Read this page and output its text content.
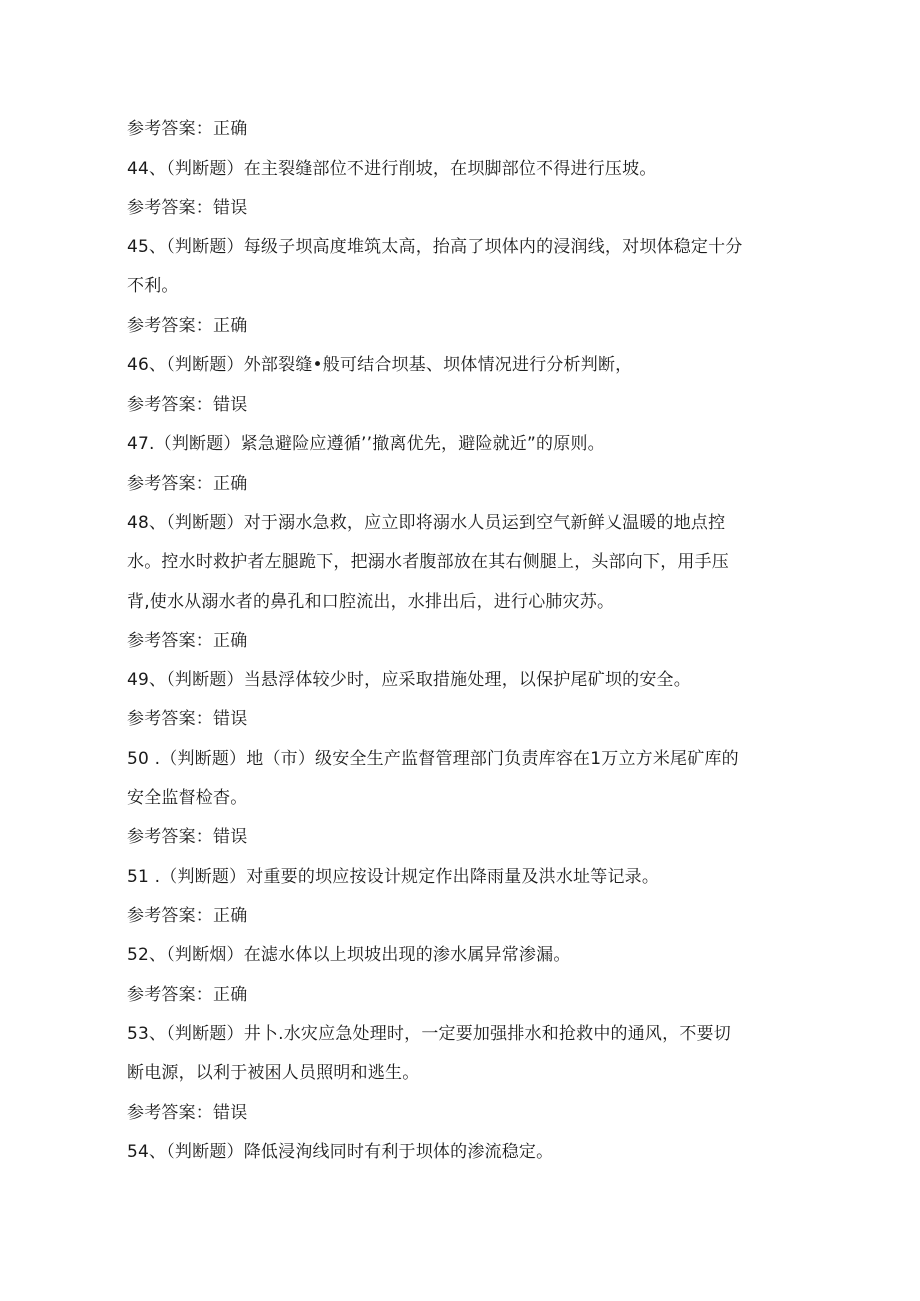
参考答案：正确
44、（判断题）在主裂缝部位不进行削坡，在坝脚部位不得进行压坡。
参考答案：错误
45、（判断题）每级子坝高度堆筑太高，抬高了坝体内的浸润线，对坝体稳定十分
不利。
参考答案：正确
46、（判断题）外部裂缝•般可结合坝基、坝体情况进行分析判断，
参考答案：错误
47.（判断题）紧急避险应遵循’’撤离优先，避险就近”的原则。
参考答案：正确
48、（判断题）对于溺水急救，应立即将溺水人员运到空气新鲜乂温暖的地点控
水。控水时救护者左腿跪下，把溺水者腹部放在其右侧腿上，头部向下，用手压
背,使水从溺水者的鼻孔和口腔流出，水排出后，进行心肺灾苏。
参考答案：正确
49、（判断题）当悬浮体较少时，应采取措施处理，以保护尾矿坝的安全。
参考答案：错误
50 .（判断题）地（市）级安全生产监督管理部门负责库容在1万立方米尾矿库的
安全监督检杳。
参考答案：错误
51 .（判断题）对重要的坝应按设计规定作出降雨量及洪水址等记录。
参考答案：正确
52、（判断烟）在滤水体以上坝坡出现的渗水属异常渗漏。
参考答案：正确
53、（判断题）井卜.水灾应急处理时，一定要加强排水和抢救中的通风，不要切
断电源，以利于被困人员照明和逃生。
参考答案：错误
54、（判断题）降低浸洵线同时有利于坝体的渗流稳定。
